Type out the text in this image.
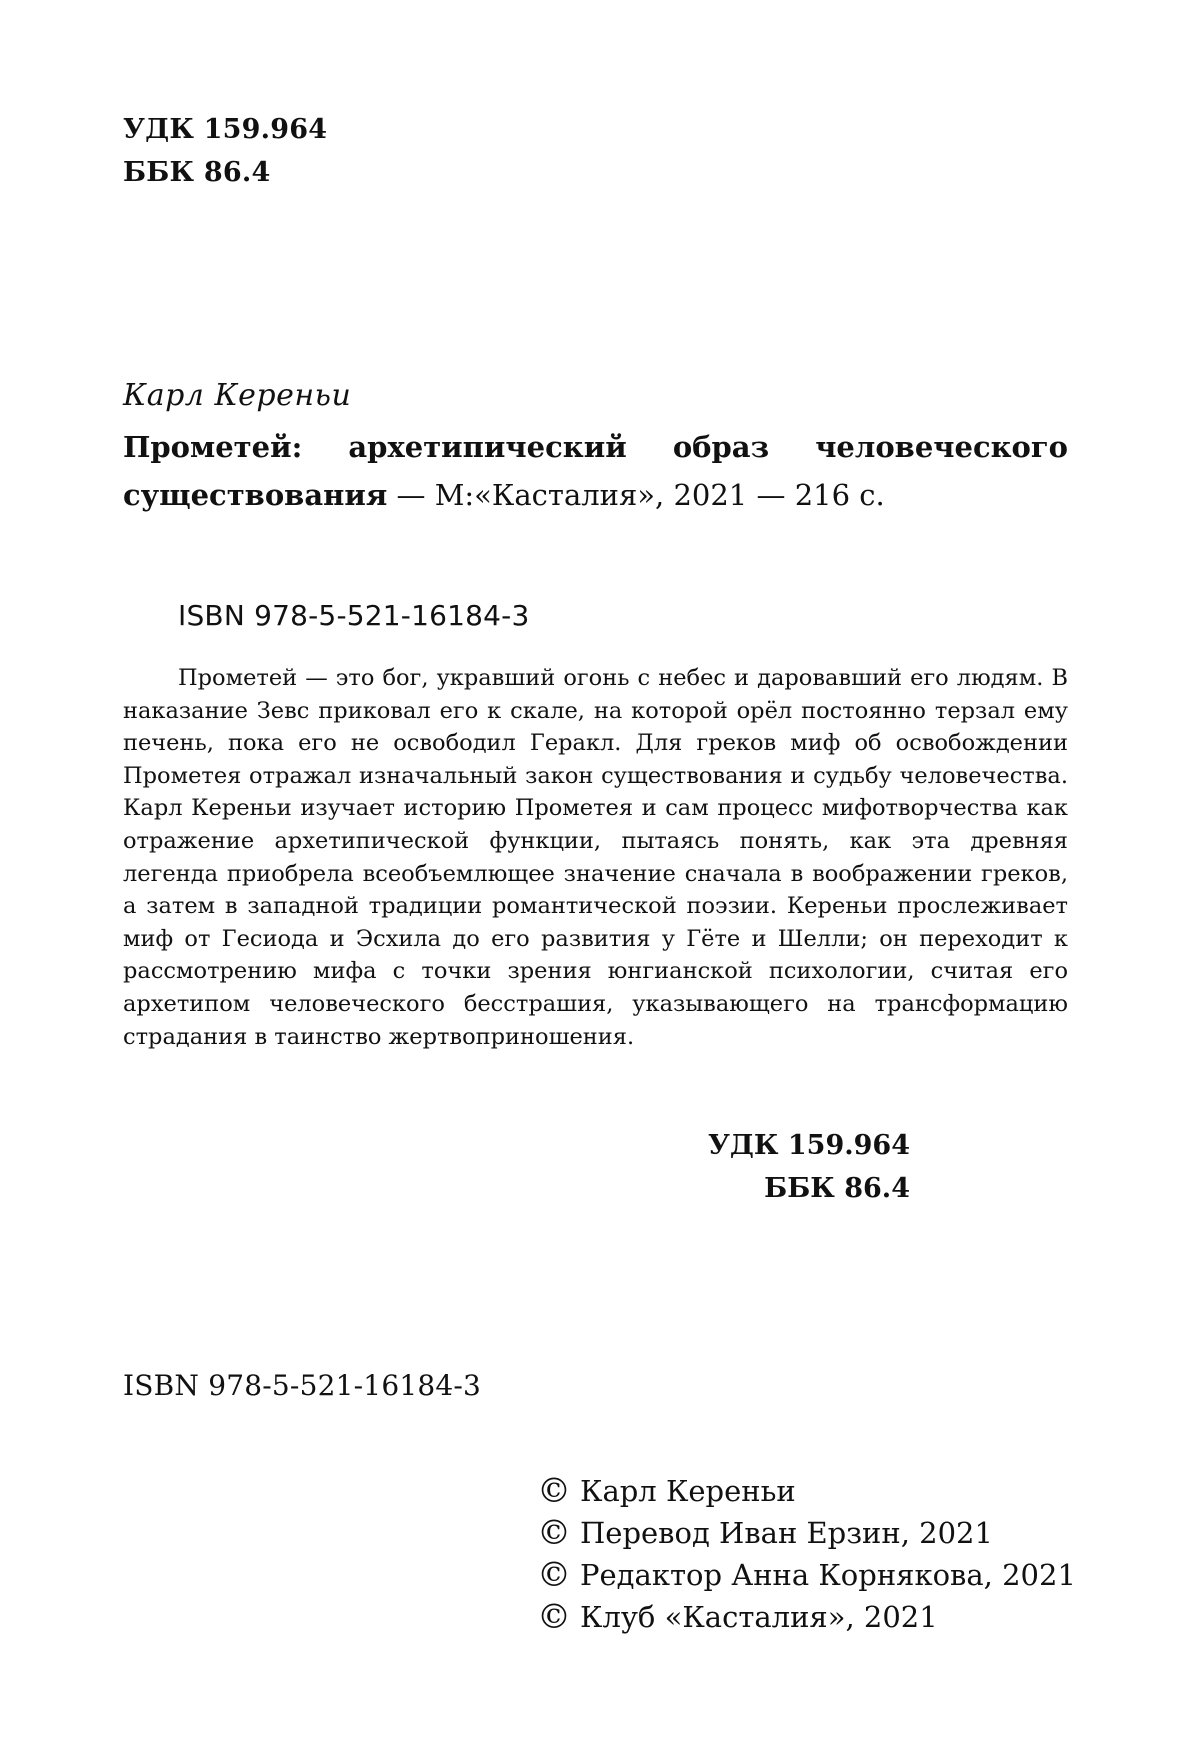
УДК 159.964
ББК 86.4
Карл Кереньи
Прометей: архетипический образ человеческого существования — М:«Касталия», 2021 — 216 с.
ISBN 978-5-521-16184-3
Прометей — это бог, укравший огонь с небес и даровавший его людям. В наказание Зевс приковал его к скале, на которой орёл постоянно терзал ему печень, пока его не освободил Геракл. Для греков миф об освобождении Прометея отражал изначальный закон существования и судьбу человечества. Карл Кереньи изучает историю Прометея и сам процесс мифотворчества как отражение архетипической функции, пытаясь понять, как эта древняя легенда приобрела всеобъемлющее значение сначала в воображении греков, а затем в западной традиции романтической поэзии. Кереньи прослеживает миф от Гесиода и Эсхила до его развития у Гёте и Шелли; он переходит к рассмотрению мифа с точки зрения юнгианской психологии, считая его архетипом человеческого бесстрашия, указывающего на трансформацию страдания в таинство жертвоприношения.
УДК 159.964
ББК 86.4
ISBN 978-5-521-16184-3
© Карл Кереньи
© Перевод Иван Ерзин, 2021
© Редактор Анна Корнякова, 2021
© Клуб «Касталия», 2021
